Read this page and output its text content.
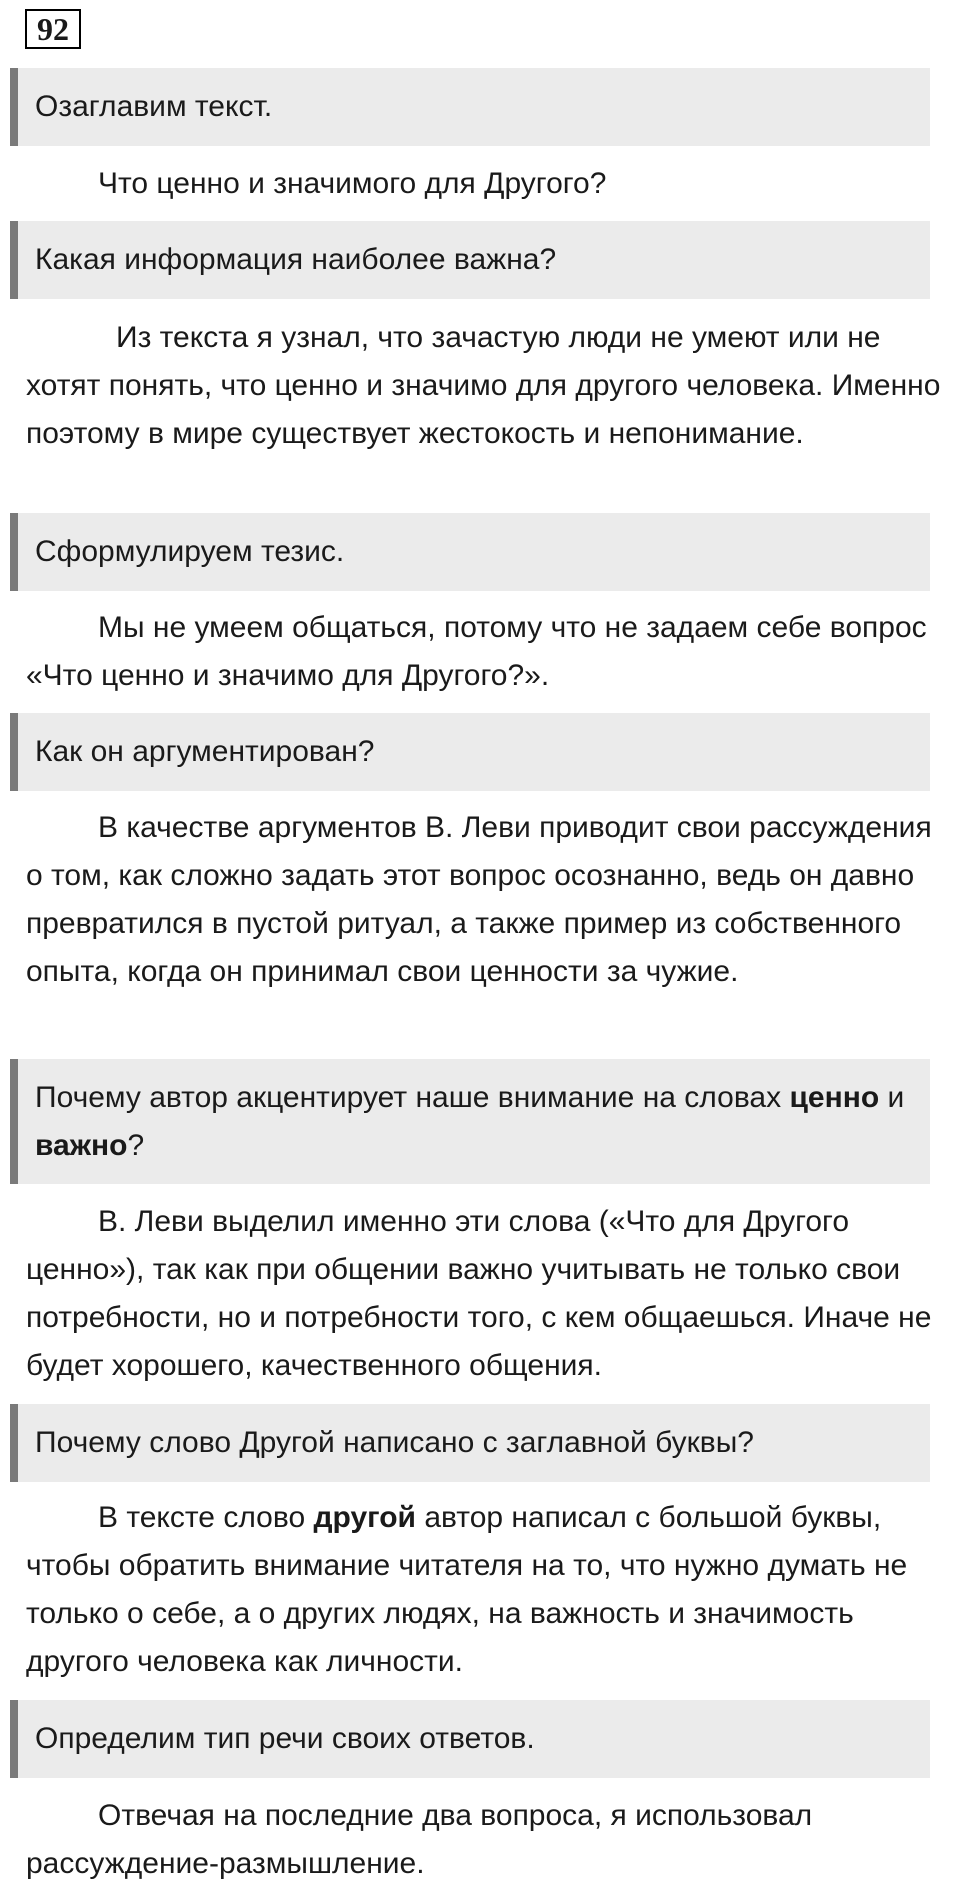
92
Озаглавим текст.

Что ценно и значимого для Другого?

Какая информация наиболее важна?

Из текста я узнал, что зачастую люди не умеют или не хотят понять, что ценно и значимо для другого человека. Именно поэтому в мире существует жестокость и непонимание.

Сформулируем тезис.

Мы не умеем общаться, потому что не задаем себе вопрос «Что ценно и значимо для Другого?».

Как он аргументирован?

В качестве аргументов В. Леви приводит свои рассуждения о том, как сложно задать этот вопрос осознанно, ведь он давно превратился в пустой ритуал, а также пример из собственного опыта, когда он принимал свои ценности за чужие.

Почему автор акцентирует наше внимание на словах ценно и важно?

В. Леви выделил именно эти слова («Что для Другого ценно»), так как при общении важно учитывать не только свои потребности, но и потребности того, с кем общаешься. Иначе не будет хорошего, качественного общения.

Почему слово Другой написано с заглавной буквы?

В тексте слово другой автор написал с большой буквы, чтобы обратить внимание читателя на то, что нужно думать не только о себе, а о других людях, на важность и значимость другого человека как личности.

Определим тип речи своих ответов.

Отвечая на последние два вопроса, я использовал рассуждение-размышление.
